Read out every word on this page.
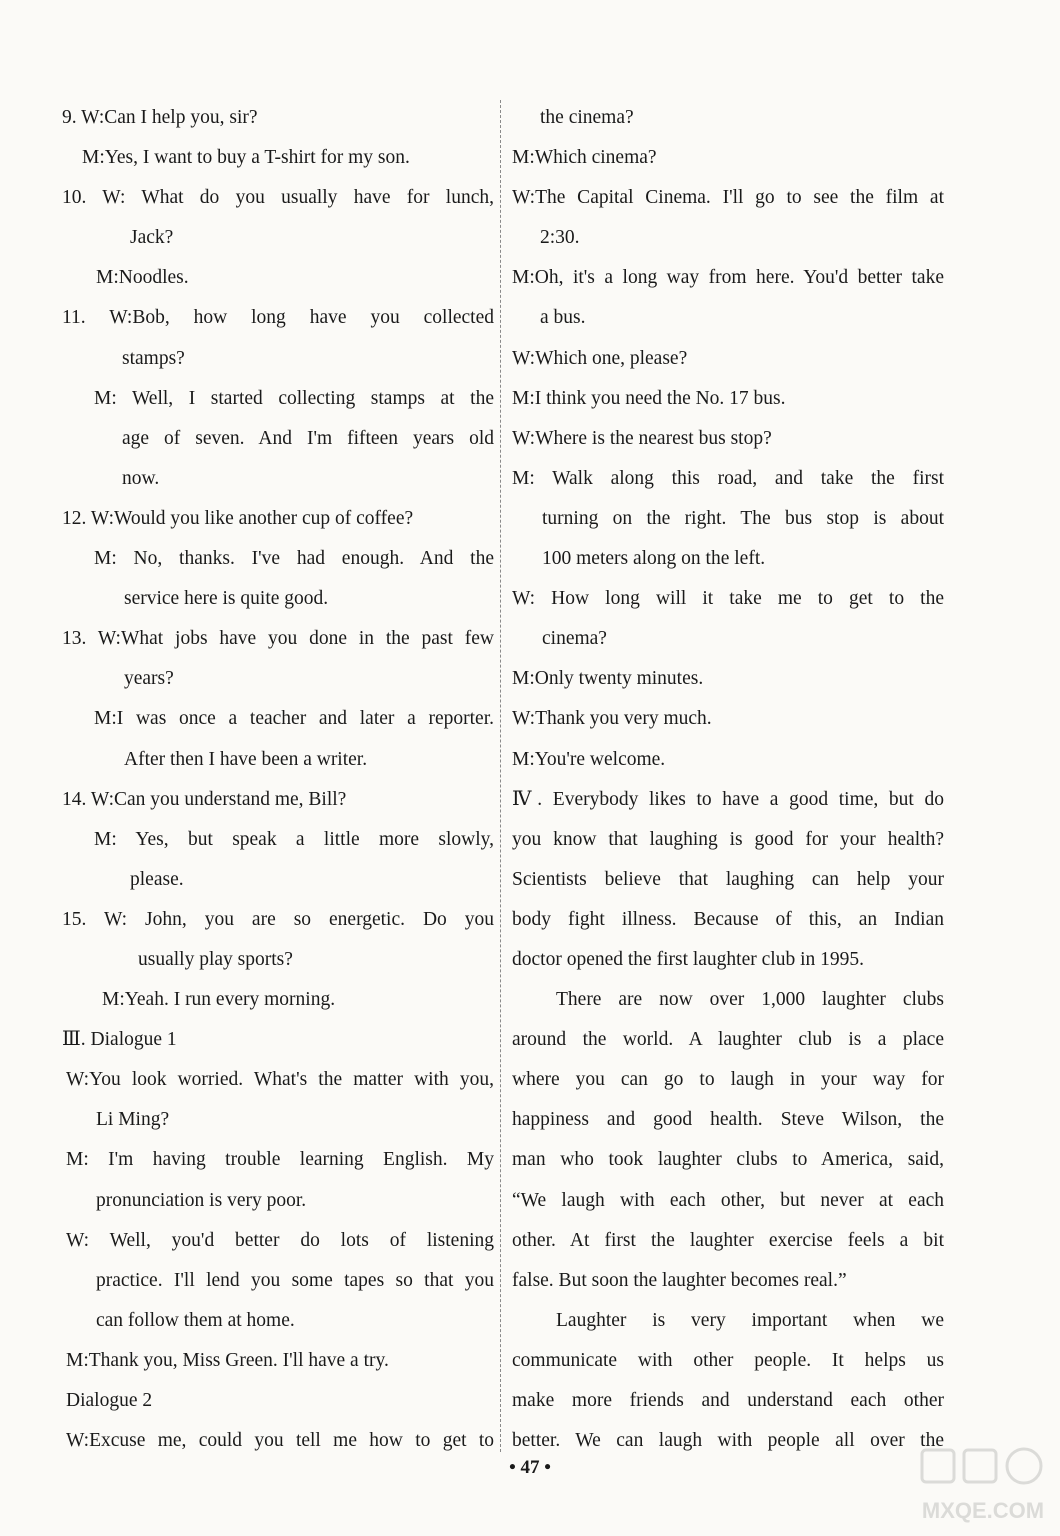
9. W:Can I help you, sir?
M:Yes, I want to buy a T-shirt for my son.
10. W: What do you usually have for lunch,
Jack?
M:Noodles.
11. W:Bob, how long have you collected
stamps?
M: Well, I started collecting stamps at the
age of seven. And I'm fifteen years old
now.
12. W:Would you like another cup of coffee?
M: No, thanks. I've had enough. And the
service here is quite good.
13. W:What jobs have you done in the past few
years?
M:I was once a teacher and later a reporter.
After then I have been a writer.
14. W:Can you understand me, Bill?
M: Yes, but speak a little more slowly,
please.
15. W: John, you are so energetic. Do you
usually play sports?
M:Yeah. I run every morning.
Ⅲ. Dialogue 1
W:You look worried. What's the matter with you,
Li Ming?
M: I'm having trouble learning English. My
pronunciation is very poor.
W: Well, you'd better do lots of listening
practice. I'll lend you some tapes so that you
can follow them at home.
M:Thank you, Miss Green. I'll have a try.
Dialogue 2
W:Excuse me, could you tell me how to get to
the cinema?
M:Which cinema?
W:The Capital Cinema. I'll go to see the film at
2:30.
M:Oh, it's a long way from here. You'd better take
a bus.
W:Which one, please?
M:I think you need the No. 17 bus.
W:Where is the nearest bus stop?
M: Walk along this road, and take the first
turning on the right. The bus stop is about
100 meters along on the left.
W: How long will it take me to get to the
cinema?
M:Only twenty minutes.
W:Thank you very much.
M:You're welcome.
Ⅳ. Everybody likes to have a good time, but do
you know that laughing is good for your health?
Scientists believe that laughing can help your
body fight illness. Because of this, an Indian
doctor opened the first laughter club in 1995.
There are now over 1,000 laughter clubs
around the world. A laughter club is a place
where you can go to laugh in your way for
happiness and good health. Steve Wilson, the
man who took laughter clubs to America, said,
“We laugh with each other, but never at each
other. At first the laughter exercise feels a bit
false. But soon the laughter becomes real.”
Laughter is very important when we
communicate with other people. It helps us
make more friends and understand each other
better. We can laugh with people all over the
• 47 •
MXQE.COM
